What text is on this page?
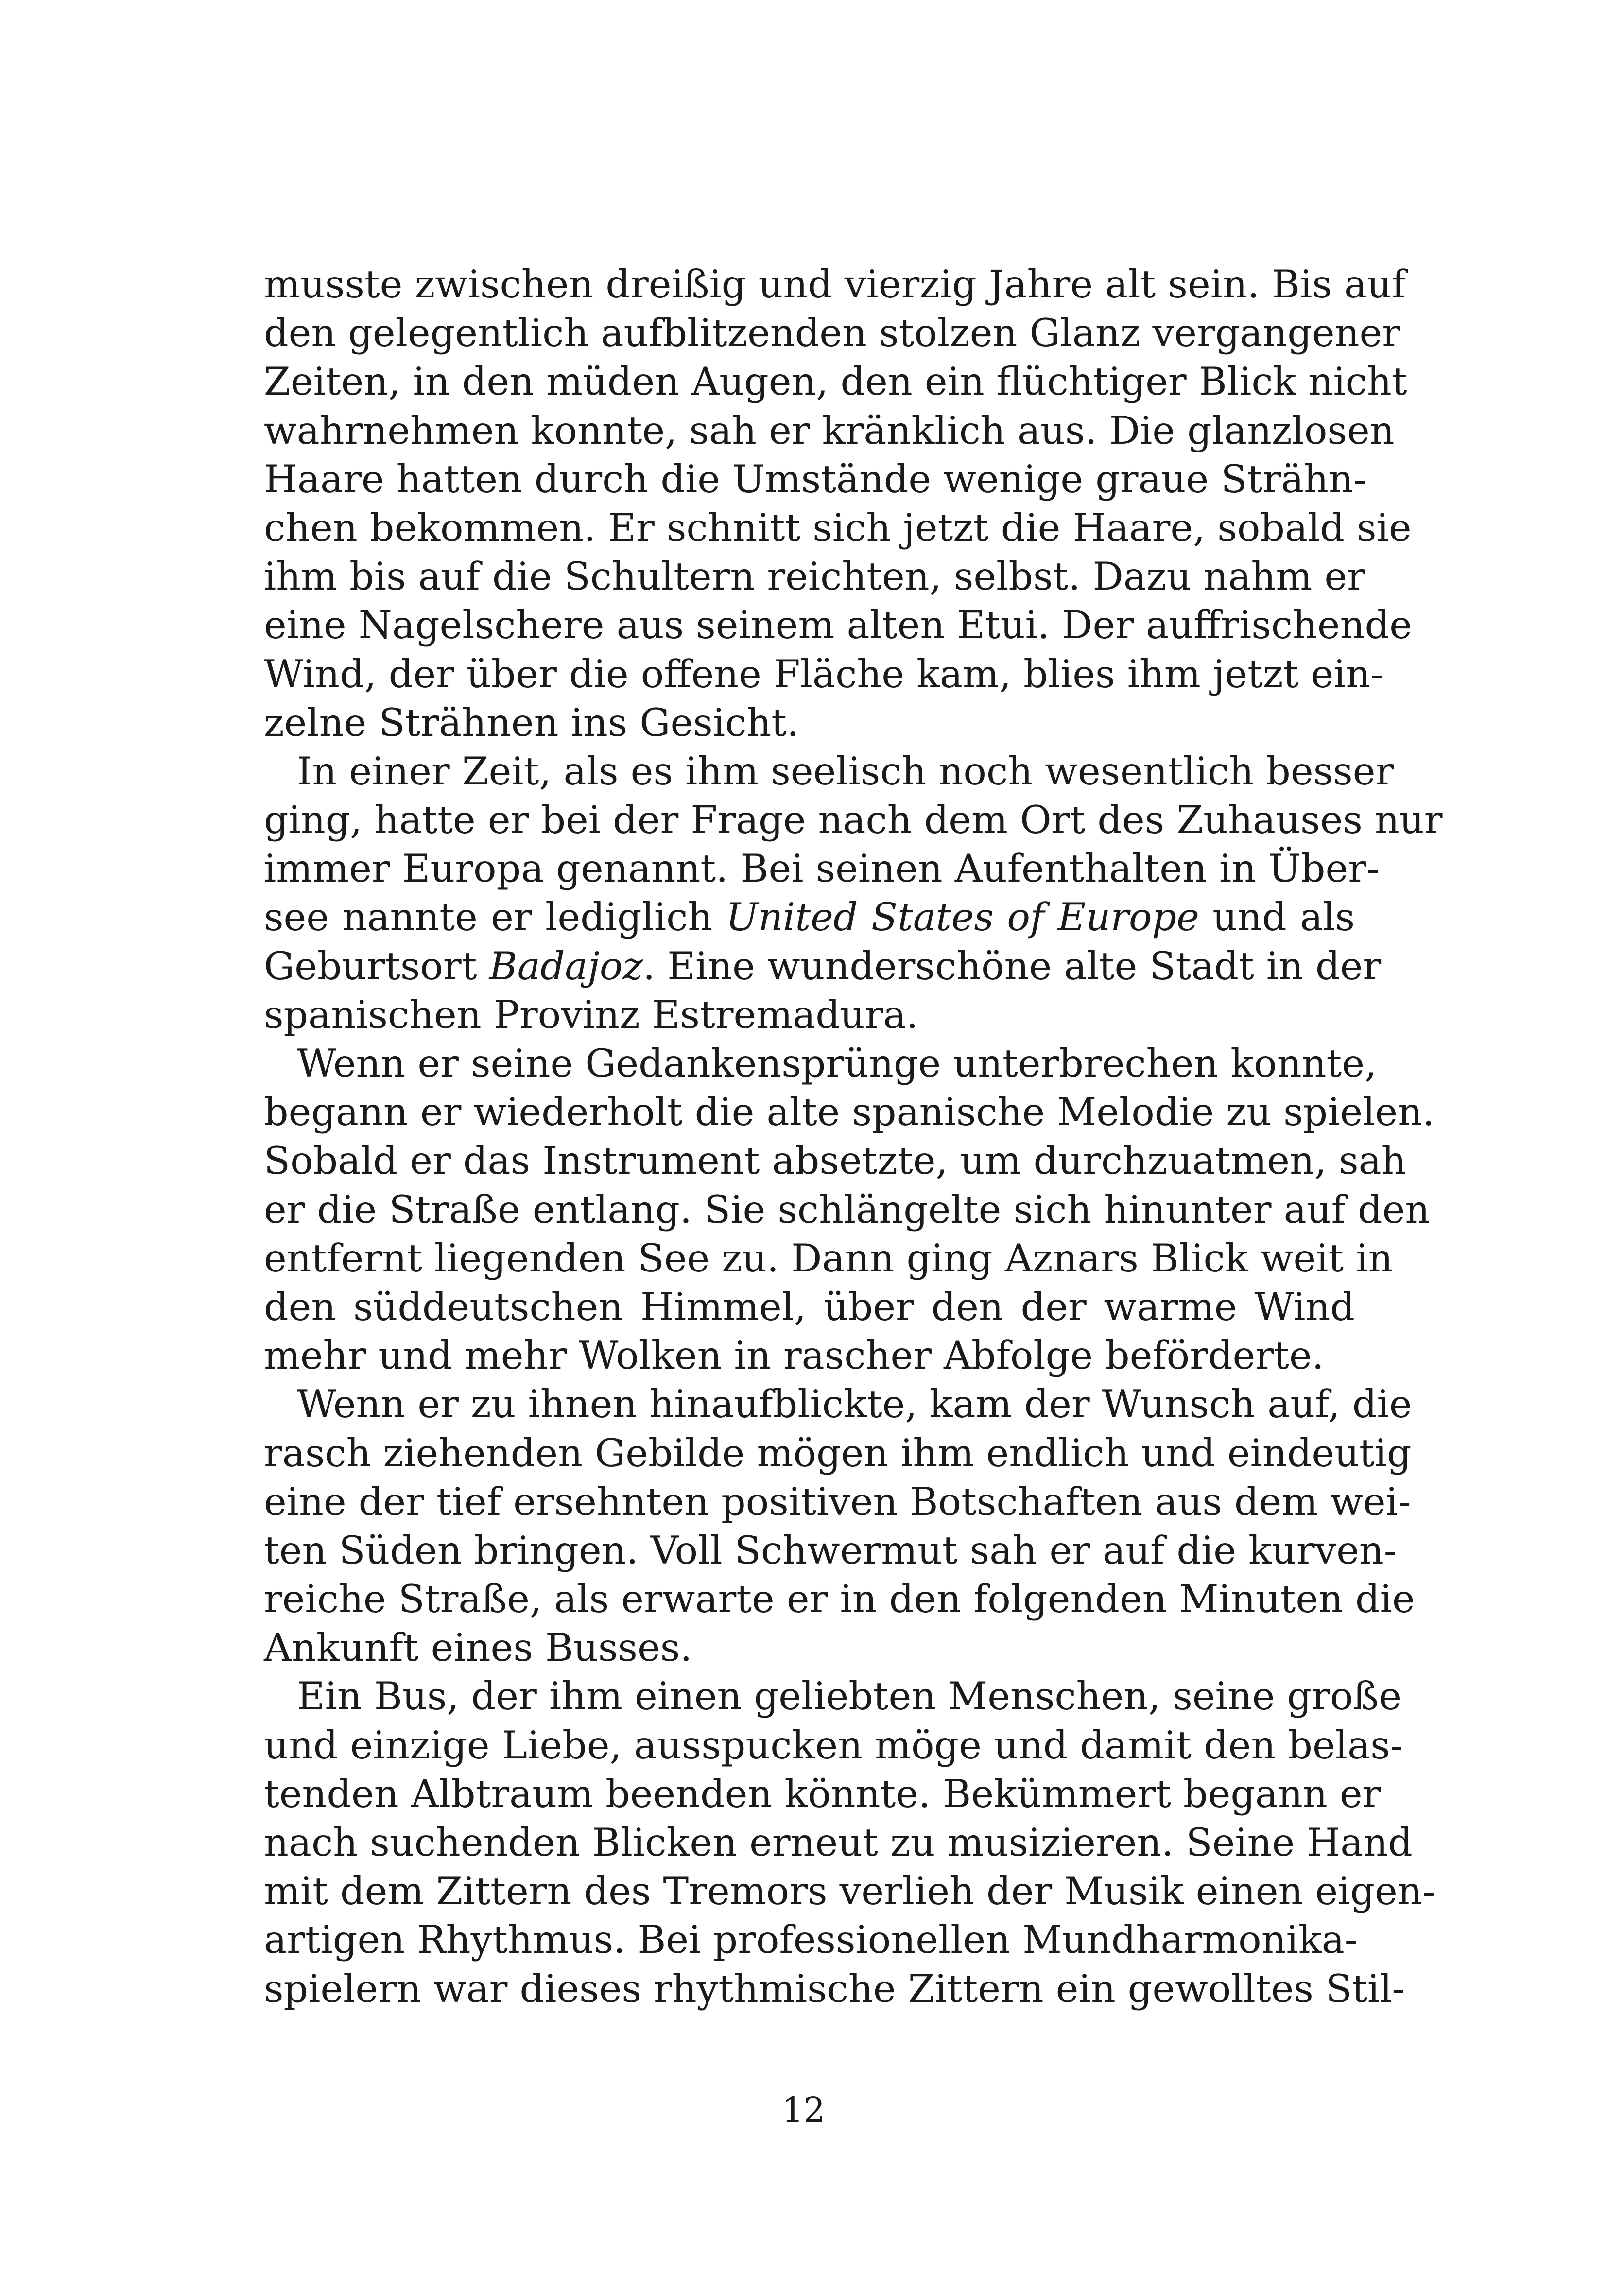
musste zwischen dreißig und vierzig Jahre alt sein. Bis auf
den gelegentlich aufblitzenden stolzen Glanz vergangener
Zeiten, in den müden Augen, den ein flüchtiger Blick nicht
wahrnehmen konnte, sah er kränklich aus. Die glanzlosen
Haare hatten durch die Umstände wenige graue Strähn-
chen bekommen. Er schnitt sich jetzt die Haare, sobald sie
ihm bis auf die Schultern reichten, selbst. Dazu nahm er
eine Nagelschere aus seinem alten Etui. Der auffrischende
Wind, der über die offene Fläche kam, blies ihm jetzt ein-
zelne Strähnen ins Gesicht.
In einer Zeit, als es ihm seelisch noch wesentlich besser
ging, hatte er bei der Frage nach dem Ort des Zuhauses nur
immer Europa genannt. Bei seinen Aufenthalten in Über-
see nannte er lediglich United States of Europe und als
Geburtsort Badajoz. Eine wunderschöne alte Stadt in der
spanischen Provinz Estremadura.
Wenn er seine Gedankensprünge unterbrechen konnte,
begann er wiederholt die alte spanische Melodie zu spielen.
Sobald er das Instrument absetzte, um durchzuatmen, sah
er die Straße entlang. Sie schlängelte sich hinunter auf den
entfernt liegenden See zu. Dann ging Aznars Blick weit in
den süddeutschen Himmel, über den der warme Wind
mehr und mehr Wolken in rascher Abfolge beförderte.
Wenn er zu ihnen hinaufblickte, kam der Wunsch auf, die
rasch ziehenden Gebilde mögen ihm endlich und eindeutig
eine der tief ersehnten positiven Botschaften aus dem wei-
ten Süden bringen. Voll Schwermut sah er auf die kurven-
reiche Straße, als erwarte er in den folgenden Minuten die
Ankunft eines Busses.
Ein Bus, der ihm einen geliebten Menschen, seine große
und einzige Liebe, ausspucken möge und damit den belas-
tenden Albtraum beenden könnte. Bekümmert begann er
nach suchenden Blicken erneut zu musizieren. Seine Hand
mit dem Zittern des Tremors verlieh der Musik einen eigen-
artigen Rhythmus. Bei professionellen Mundharmonika-
spielern war dieses rhythmische Zittern ein gewolltes Stil-
12
